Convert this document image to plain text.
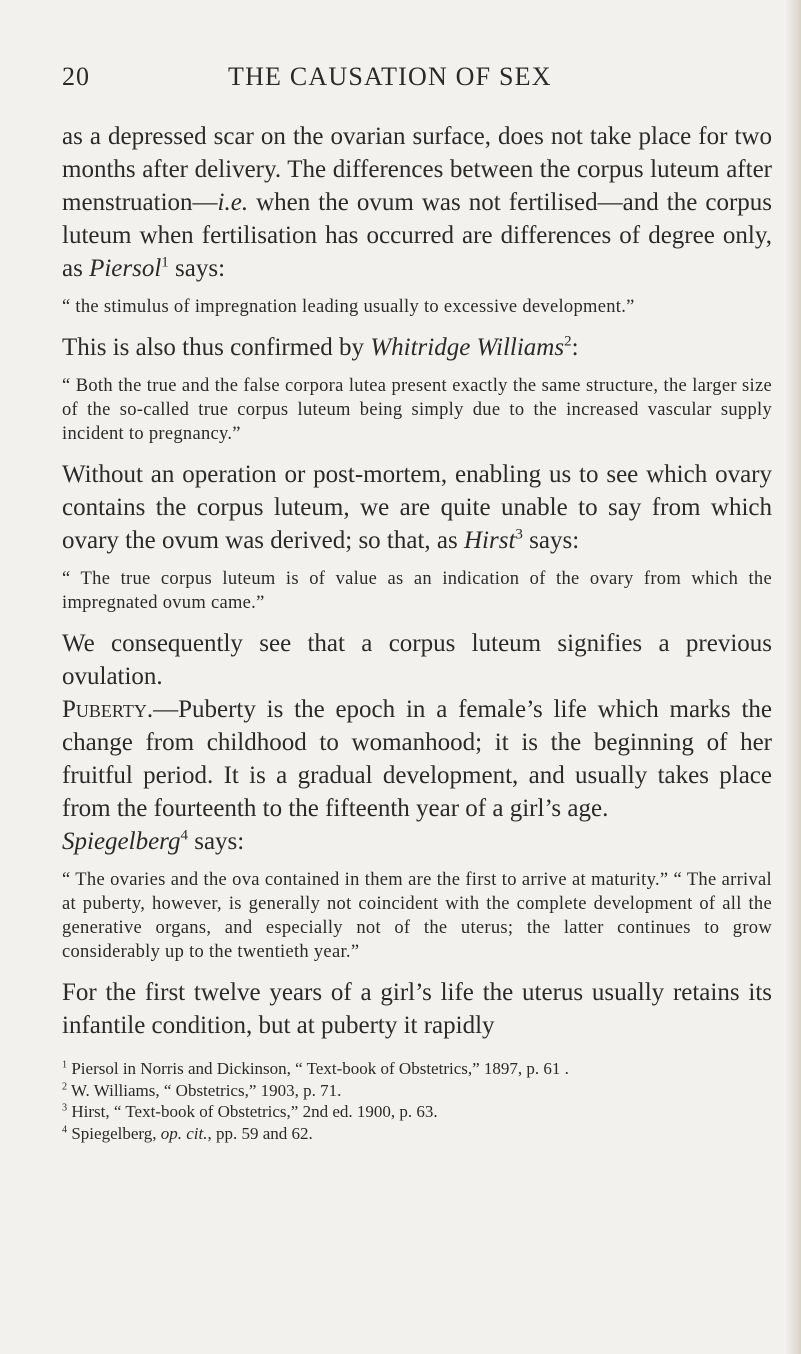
20	THE CAUSATION OF SEX

as a depressed scar on the ovarian surface, does not take place for two months after delivery. The differences between the corpus luteum after menstruation—i.e. when the ovum was not fertilised—and the corpus luteum when fertilisation has occurred are differences of degree only, as Piersol$^1$ says:

“ the stimulus of impregnation leading usually to excessive development.”

This is also thus confirmed by Whitridge Williams$^2$:

“ Both the true and the false corpora lutea present exactly the same structure, the larger size of the so-called true corpus luteum being simply due to the increased vascular supply incident to pregnancy.”

Without an operation or post-mortem, enabling us to see which ovary contains the corpus luteum, we are quite unable to say from which ovary the ovum was derived; so that, as Hirst$^3$ says:

“ The true corpus luteum is of value as an indication of the ovary from which the impregnated ovum came.”

We consequently see that a corpus luteum signifies a previous ovulation.

Puberty.—Puberty is the epoch in a female’s life which marks the change from childhood to womanhood; it is the beginning of her fruitful period. It is a gradual development, and usually takes place from the fourteenth to the fifteenth year of a girl’s age.

Spiegelberg$^4$ says:

“ The ovaries and the ova contained in them are the first to arrive at maturity.” “ The arrival at puberty, however, is generally not coincident with the complete development of all the generative organs, and especially not of the uterus; the latter continues to grow considerably up to the twentieth year.”

For the first twelve years of a girl’s life the uterus usually retains its infantile condition, but at puberty it rapidly

$^1$ Piersol in Norris and Dickinson, “ Text-book of Obstetrics,” 1897, p. 61 .
$^2$ W. Williams, “ Obstetrics,” 1903, p. 71.
$^3$ Hirst, “ Text-book of Obstetrics,” 2nd ed. 1900, p. 63.
$^4$ Spiegelberg, op. cit., pp. 59 and 62.
